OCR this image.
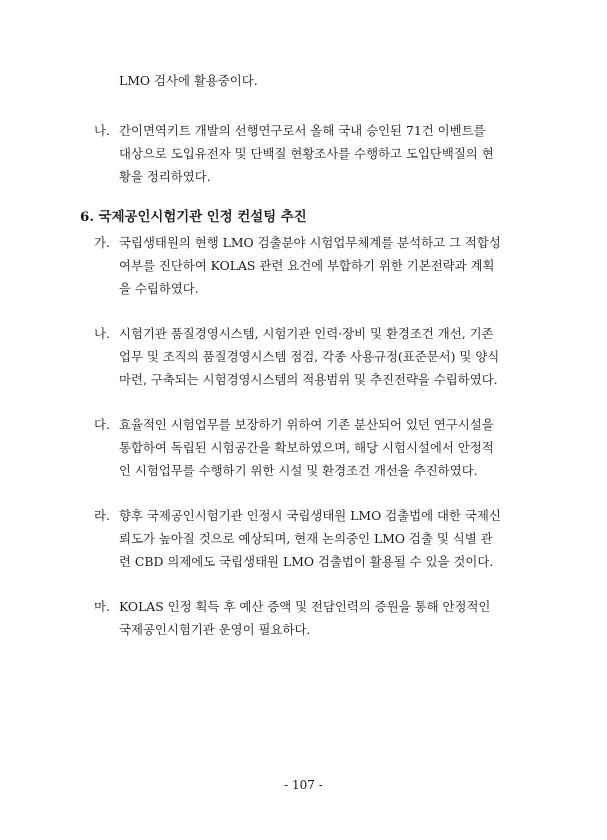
LMO 검사에 활용중이다.
나. 간이면역키트 개발의 선행연구로서 올해 국내 승인된 71건 이벤트를
대상으로 도입유전자 및 단백질 현황조사를 수행하고 도입단백질의 현
황을 정리하였다.
6. 국제공인시험기관 인정 컨설팅 추진
가. 국립생태원의 현행 LMO 검출분야 시험업무체계를 분석하고 그 적합성
여부를 진단하여 KOLAS 관련 요건에 부합하기 위한 기본전략과 계획
을 수립하였다.
나. 시험기관 품질경영시스템, 시험기관 인력·장비 및 환경조건 개선, 기존
업무 및 조직의 품질경영시스템 점검, 각종 사용규정(표준문서) 및 양식
마련, 구축되는 시험경영시스템의 적용범위 및 추진전략을 수립하였다.
다. 효율적인 시험업무를 보장하기 위하여 기존 분산되어 있던 연구시설을
통합하여 독립된 시험공간을 확보하였으며, 해당 시험시설에서 안정적
인 시험업무를 수행하기 위한 시설 및 환경조건 개선을 추진하였다.
라. 향후 국제공인시험기관 인정시 국립생태원 LMO 검출법에 대한 국제신
뢰도가 높아질 것으로 예상되며, 현재 논의중인 LMO 검출 및 식별 관
련 CBD 의제에도 국립생태원 LMO 검출법이 활용될 수 있을 것이다.
마. KOLAS 인정 획득 후 예산 증액 및 전담인력의 증원을 통해 안정적인
국제공인시험기관 운영이 필요하다.
- 107 -
